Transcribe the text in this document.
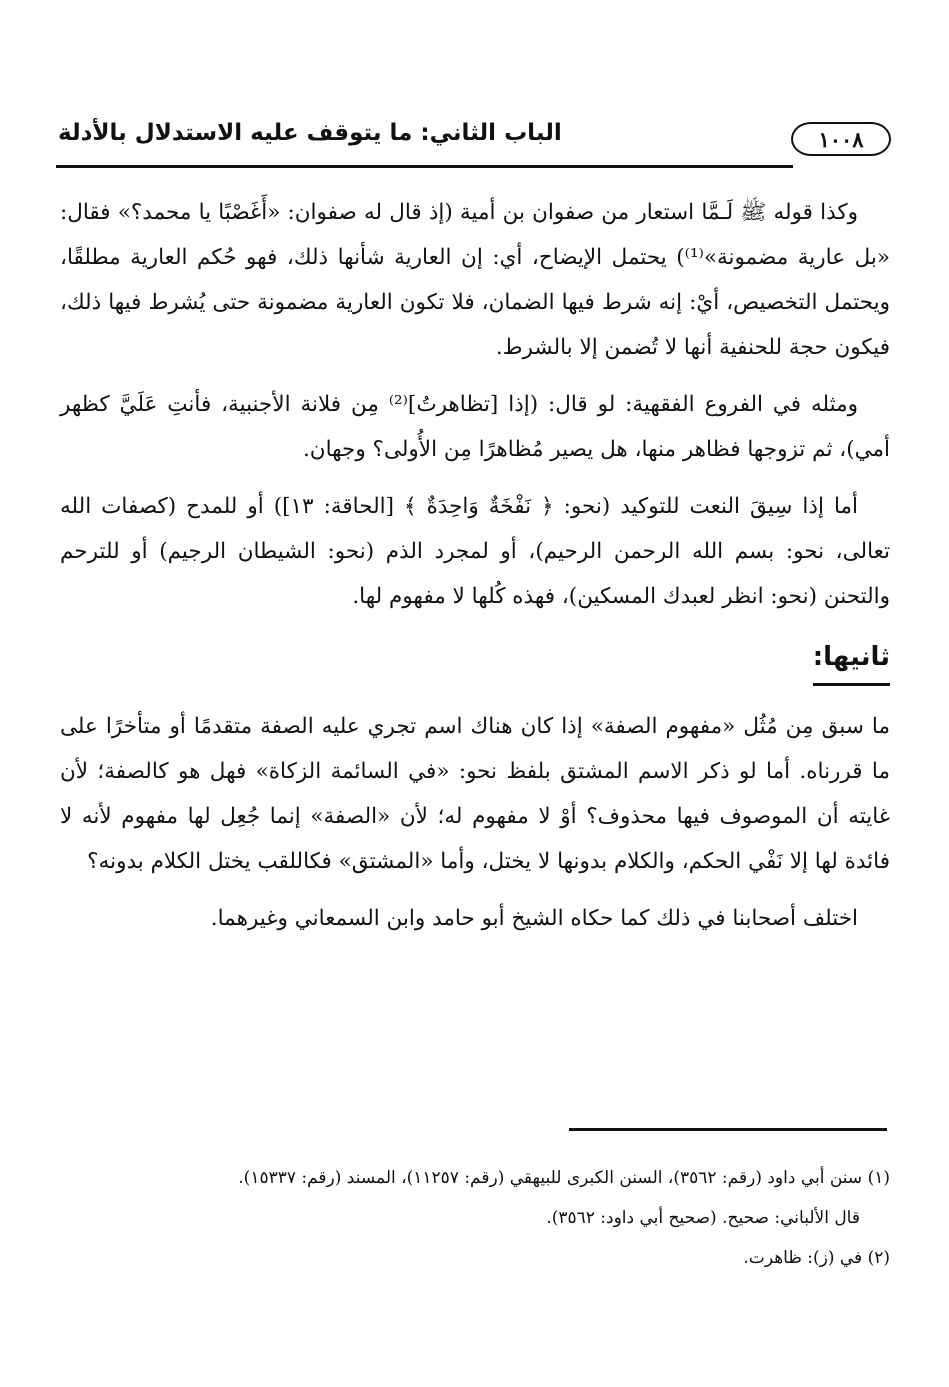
١٠٠٨
الباب الثاني: ما يتوقف عليه الاستدلال بالأدلة

وكذا قوله ﷺ لَـمَّا استعار من صفوان بن أمية (إذ قال له صفوان: «أَغَصْبًا يا محمد؟» فقال: «بل عارية مضمونة»⁽¹⁾) يحتمل الإيضاح، أي: إن العارية شأنها ذلك، فهو حُكم العارية مطلقًا، ويحتمل التخصيص، أيْ: إنه شرط فيها الضمان، فلا تكون العارية مضمونة حتى يُشرط فيها ذلك، فيكون حجة للحنفية أنها لا تُضمن إلا بالشرط.

ومثله في الفروع الفقهية: لو قال: (إذا [تظاهرتُ]⁽²⁾ مِن فلانة الأجنبية، فأنتِ عَلَيَّ كظهر أمي)، ثم تزوجها فظاهر منها، هل يصير مُظاهرًا مِن الأُولى؟ وجهان.

أما إذا سِيقَ النعت للتوكيد (نحو: ﴿ نَفْخَةٌ وَاحِدَةٌ ﴾ [الحاقة: ١٣]) أو للمدح (كصفات الله تعالى، نحو: بسم الله الرحمن الرحيم)، أو لمجرد الذم (نحو: الشيطان الرجيم) أو للترحم والتحنن (نحو: انظر لعبدك المسكين)، فهذه كُلها لا مفهوم لها.

ثانيها:

ما سبق مِن مُثُل «مفهوم الصفة» إذا كان هناك اسم تجري عليه الصفة متقدمًا أو متأخرًا على ما قررناه. أما لو ذكر الاسم المشتق بلفظ نحو: «في السائمة الزكاة» فهل هو كالصفة؛ لأن غايته أن الموصوف فيها محذوف؟ أوْ لا مفهوم له؛ لأن «الصفة» إنما جُعِل لها مفهوم لأنه لا فائدة لها إلا نَفْي الحكم، والكلام بدونها لا يختل، وأما «المشتق» فكاللقب يختل الكلام بدونه؟

اختلف أصحابنا في ذلك كما حكاه الشيخ أبو حامد وابن السمعاني وغيرهما.

(١) سنن أبي داود (رقم: ٣٥٦٢)، السنن الكبرى للبيهقي (رقم: ١١٢٥٧)، المسند (رقم: ١٥٣٣٧).

قال الألباني: صحيح. (صحيح أبي داود: ٣٥٦٢).

(٢) في (ز): ظاهرت.
